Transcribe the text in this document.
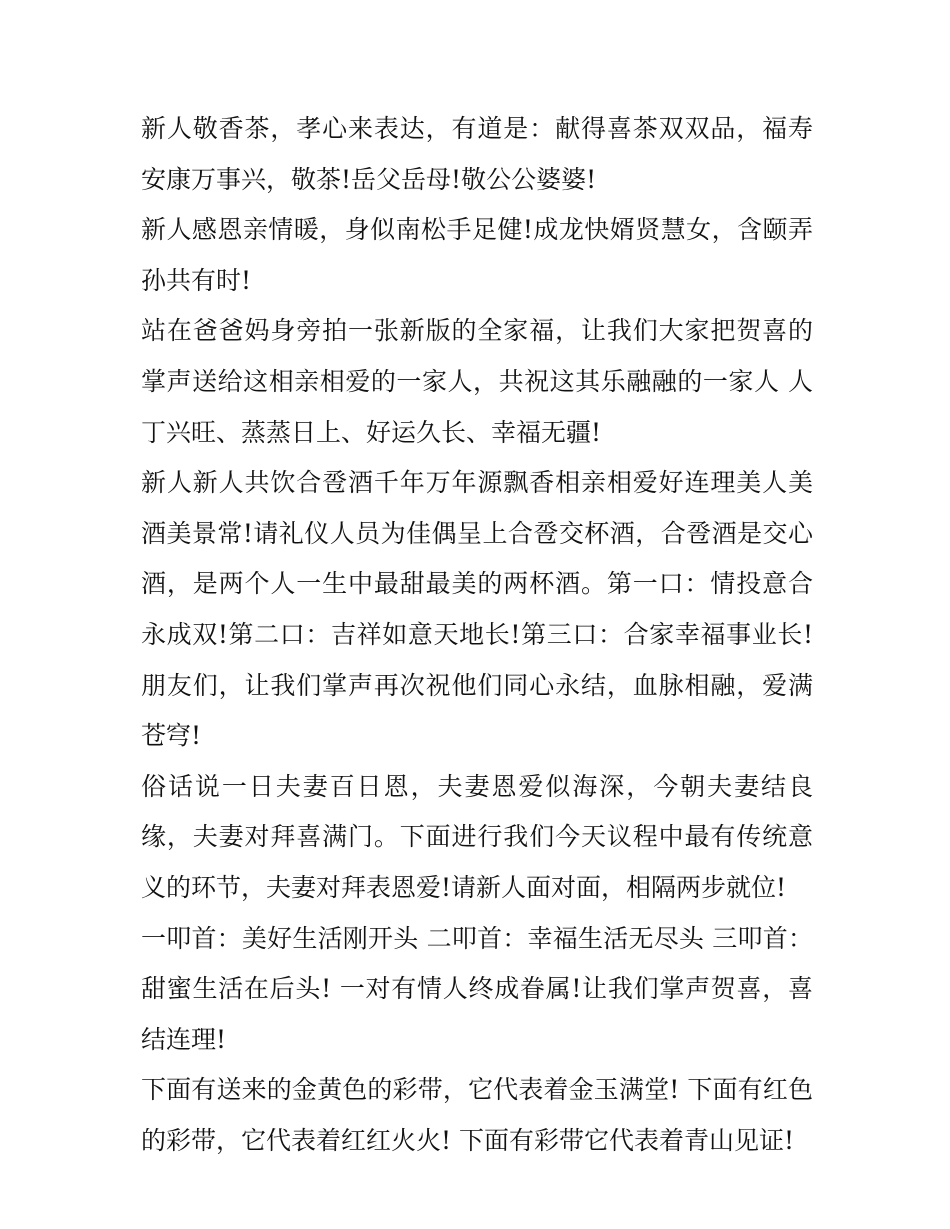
新人敬香茶，孝心来表达，有道是：献得喜茶双双品，福寿安康万事兴，敬茶!岳父岳母!敬公公婆婆!

新人感恩亲情暖，身似南松手足健!成龙快婿贤慧女，含颐弄孙共有时!

站在爸爸妈身旁拍一张新版的全家福，让我们大家把贺喜的掌声送给这相亲相爱的一家人，共祝这其乐融融的一家人 人丁兴旺、蒸蒸日上、好运久长、幸福无疆!

新人新人共饮合卺酒千年万年源飘香相亲相爱好连理美人美酒美景常!请礼仪人员为佳偶呈上合卺交杯酒，合卺酒是交心酒，是两个人一生中最甜最美的两杯酒。第一口：情投意合永成双!第二口：吉祥如意天地长!第三口：合家幸福事业长!朋友们，让我们掌声再次祝他们同心永结，血脉相融，爱满苍穹!

俗话说一日夫妻百日恩，夫妻恩爱似海深，今朝夫妻结良缘，夫妻对拜喜满门。下面进行我们今天议程中最有传统意义的环节，夫妻对拜表恩爱!请新人面对面，相隔两步就位!

一叩首：美好生活刚开头 二叩首：幸福生活无尽头 三叩首：甜蜜生活在后头! 一对有情人终成眷属!让我们掌声贺喜，喜结连理!

下面有送来的金黄色的彩带，它代表着金玉满堂! 下面有红色的彩带，它代表着红红火火! 下面有彩带它代表着青山见证!
